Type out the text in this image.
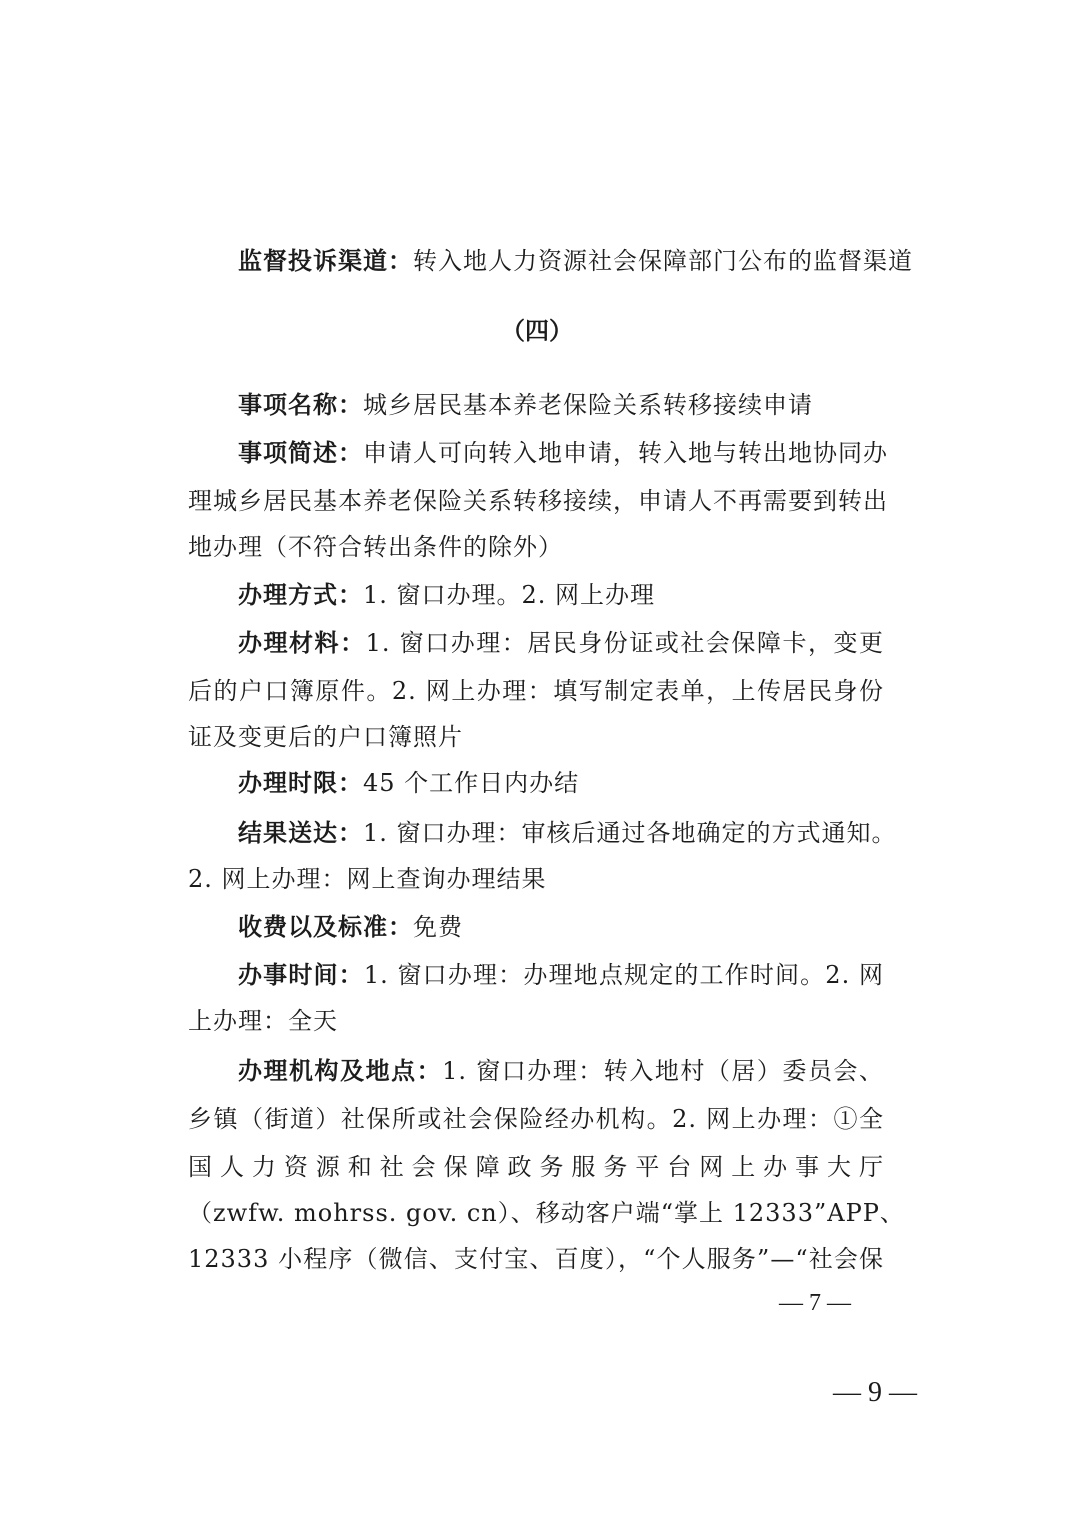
监督投诉渠道：转入地人力资源社会保障部门公布的监督渠道
（四）
事项名称：城乡居民基本养老保险关系转移接续申请
事项简述：申请人可向转入地申请，转入地与转出地协同办
理城乡居民基本养老保险关系转移接续，申请人不再需要到转出
地办理（不符合转出条件的除外）
办理方式：1. 窗口办理。2. 网上办理
办理材料：1. 窗口办理：居民身份证或社会保障卡，变更
后的户口簿原件。2. 网上办理：填写制定表单，上传居民身份
证及变更后的户口簿照片
办理时限：45 个工作日内办结
结果送达：1. 窗口办理：审核后通过各地确定的方式通知。
2. 网上办理：网上查询办理结果
收费以及标准：免费
办事时间：1. 窗口办理：办理地点规定的工作时间。2. 网
上办理：全天
办理机构及地点：1. 窗口办理：转入地村（居）委员会、
乡镇（街道）社保所或社会保险经办机构。2. 网上办理：①全
国人力资源和社会保障政务服务平台网上办事大厅
（zwfw. mohrss. gov. cn）、移动客户端“掌上 12333”APP、
12333 小程序（微信、支付宝、百度），“个人服务”—“社会保
— 7 —
— 9 —
